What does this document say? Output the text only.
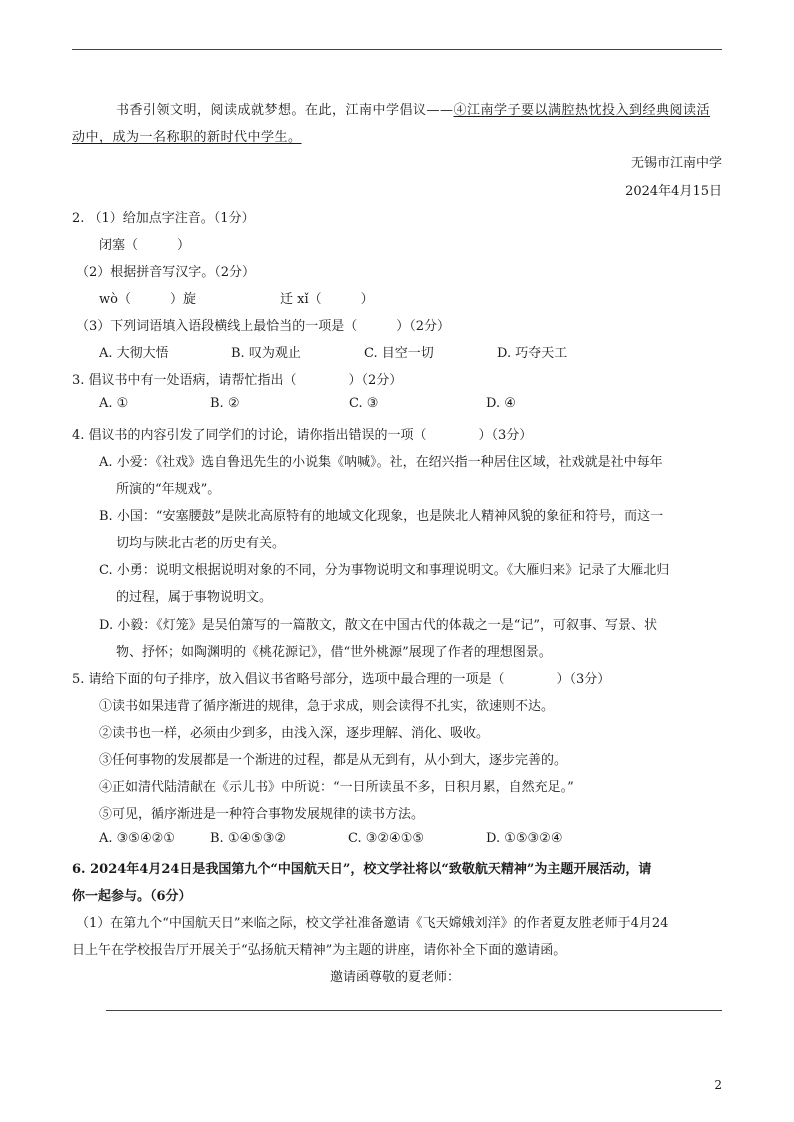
书香引领文明，阅读成就梦想。在此，江南中学倡议——④江南学子要以满腔热忱投入到经典阅读活
动中，成为一名称职的新时代中学生。
无锡市江南中学
2024年4月15日
2. （1）给加点字注音。（1分）
闭塞（　　　）
（2）根据拼音写汉字。（2分）
wò（　　　）旋	迁 xǐ（　　　）
（3）下列词语填入语段横线上最恰当的一项是（　　　）（2分）
A. 大彻大悟	B. 叹为观止	C. 目空一切	D. 巧夺天工
3. 倡议书中有一处语病，请帮忙指出（　　　　）（2分）
A. ①	B. ②	C. ③	D. ④
4. 倡议书的内容引发了同学们的讨论，请你指出错误的一项（　　　　）（3分）
A. 小爱：《社戏》选自鲁迅先生的小说集《呐喊》。社，在绍兴指一种居住区域，社戏就是社中每年
所演的“年规戏”。
B. 小国：“安塞腰鼓”是陕北高原特有的地域文化现象，也是陕北人精神风貌的象征和符号，而这一
切均与陕北古老的历史有关。
C. 小勇：说明文根据说明对象的不同，分为事物说明文和事理说明文。《大雁归来》记录了大雁北归
的过程，属于事物说明文。
D. 小毅：《灯笼》是吴伯箫写的一篇散文，散文在中国古代的体裁之一是“记”，可叙事、写景、状
物、抒怀；如陶渊明的《桃花源记》，借“世外桃源”展现了作者的理想图景。
5. 请给下面的句子排序，放入倡议书省略号部分，选项中最合理的一项是（　　　　）（3分）
①读书如果违背了循序渐进的规律，急于求成，则会读得不扎实，欲速则不达。
②读书也一样，必须由少到多，由浅入深，逐步理解、消化、吸收。
③任何事物的发展都是一个渐进的过程，都是从无到有，从小到大，逐步完善的。
④正如清代陆清献在《示儿书》中所说：“一日所读虽不多，日积月累，自然充足。”
⑤可见，循序渐进是一种符合事物发展规律的读书方法。
A. ③⑤④②①	B. ①④⑤③②	C. ③②④①⑤	D. ①⑤③②④
6. 2024年4月24日是我国第九个“中国航天日”，校文学社将以“致敬航天精神”为主题开展活动，请
你一起参与。（6分）
（1）在第九个“中国航天日”来临之际，校文学社准备邀请《飞天嫦娥刘洋》的作者夏友胜老师于4月24
日上午在学校报告厅开展关于“弘扬航天精神”为主题的讲座，请你补全下面的邀请函。
邀请函尊敬的夏老师：
2
